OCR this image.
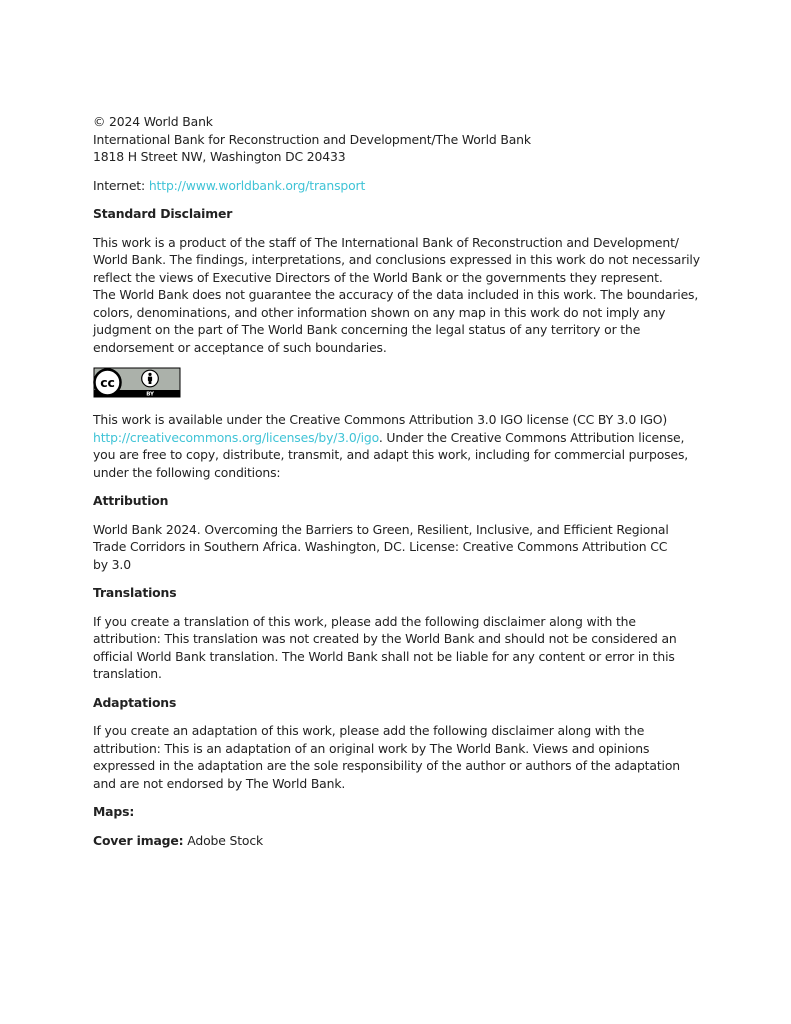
© 2024 World Bank
International Bank for Reconstruction and Development/The World Bank
1818 H Street NW, Washington DC 20433

Internet: http://www.worldbank.org/transport

Standard Disclaimer

This work is a product of the staff of The International Bank of Reconstruction and Development/
World Bank. The findings, interpretations, and conclusions expressed in this work do not necessarily
reflect the views of Executive Directors of the World Bank or the governments they represent.
The World Bank does not guarantee the accuracy of the data included in this work. The boundaries,
colors, denominations, and other information shown on any map in this work do not imply any
judgment on the part of The World Bank concerning the legal status of any territory or the
endorsement or acceptance of such boundaries.

cc
BY

This work is available under the Creative Commons Attribution 3.0 IGO license (CC BY 3.0 IGO)
http://creativecommons.org/licenses/by/3.0/igo. Under the Creative Commons Attribution license,
you are free to copy, distribute, transmit, and adapt this work, including for commercial purposes,
under the following conditions:

Attribution

World Bank 2024. Overcoming the Barriers to Green, Resilient, Inclusive, and Efficient Regional
Trade Corridors in Southern Africa. Washington, DC. License: Creative Commons Attribution CC
by 3.0

Translations

If you create a translation of this work, please add the following disclaimer along with the
attribution: This translation was not created by the World Bank and should not be considered an
official World Bank translation. The World Bank shall not be liable for any content or error in this
translation.

Adaptations

If you create an adaptation of this work, please add the following disclaimer along with the
attribution: This is an adaptation of an original work by The World Bank. Views and opinions
expressed in the adaptation are the sole responsibility of the author or authors of the adaptation
and are not endorsed by The World Bank.

Maps:

Cover image: Adobe Stock
